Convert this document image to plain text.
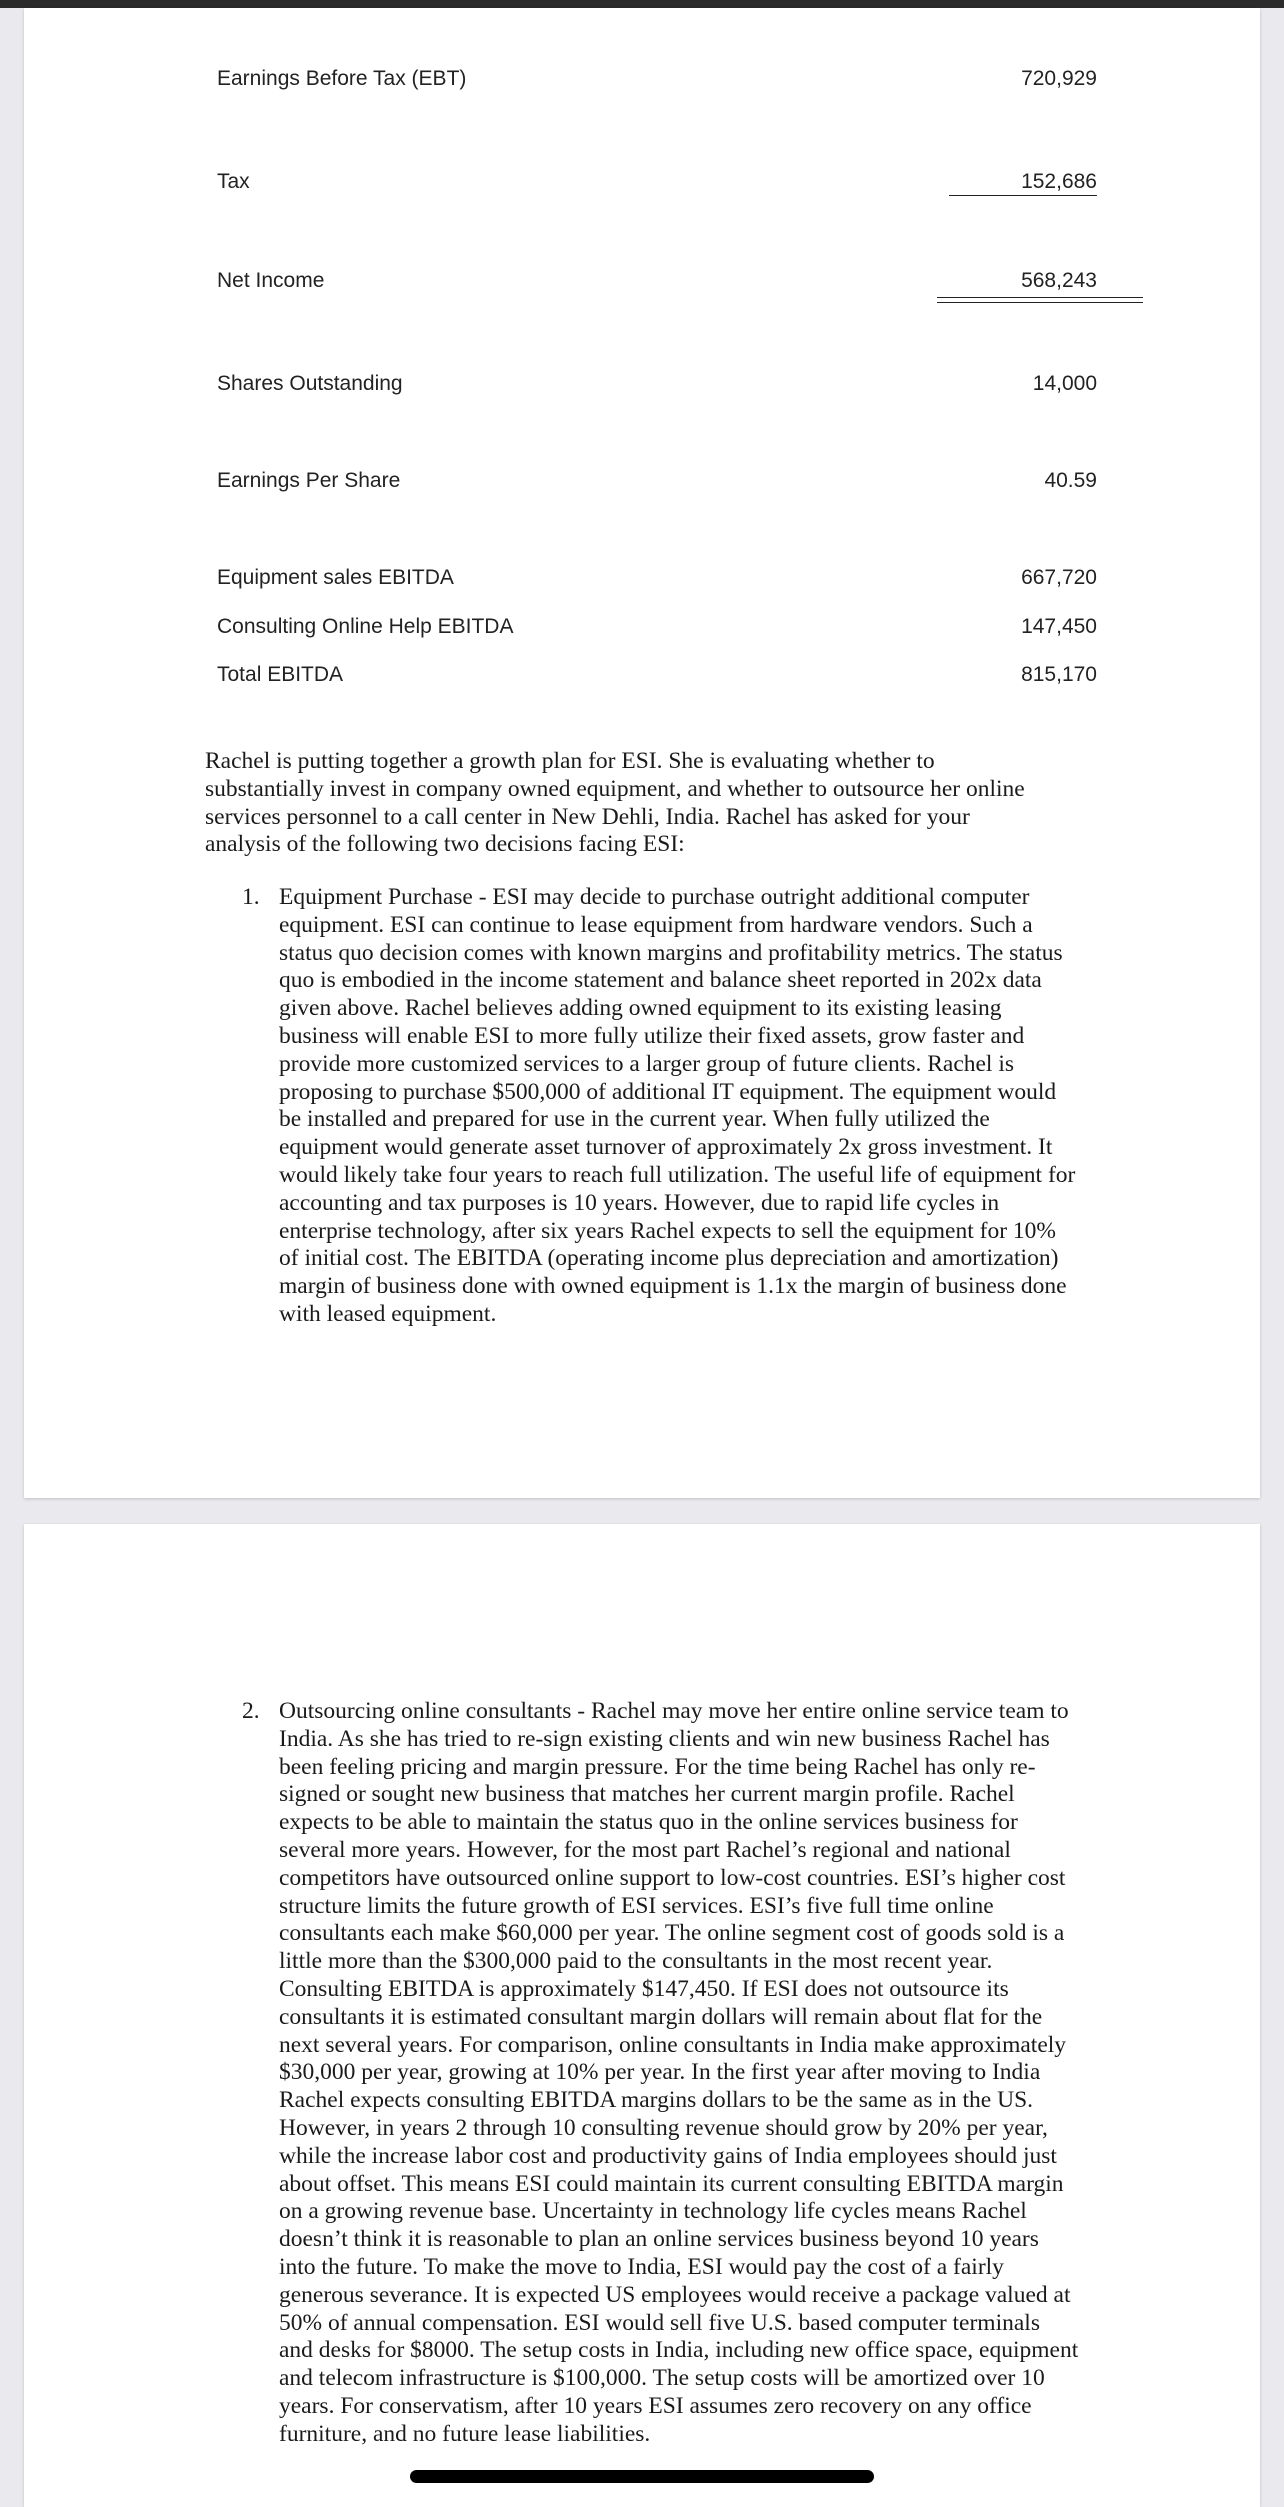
Earnings Before Tax (EBT)	720,929
Tax	152,686
Net Income	568,243
Shares Outstanding	14,000
Earnings Per Share	40.59
Equipment sales EBITDA	667,720
Consulting Online Help EBITDA	147,450
Total EBITDA	815,170

Rachel is putting together a growth plan for ESI. She is evaluating whether to substantially invest in company owned equipment, and whether to outsource her online services personnel to a call center in New Dehli, India. Rachel has asked for your analysis of the following two decisions facing ESI:

1. Equipment Purchase - ESI may decide to purchase outright additional computer equipment. ESI can continue to lease equipment from hardware vendors. Such a status quo decision comes with known margins and profitability metrics. The status quo is embodied in the income statement and balance sheet reported in 202x data given above. Rachel believes adding owned equipment to its existing leasing business will enable ESI to more fully utilize their fixed assets, grow faster and provide more customized services to a larger group of future clients. Rachel is proposing to purchase $500,000 of additional IT equipment. The equipment would be installed and prepared for use in the current year. When fully utilized the equipment would generate asset turnover of approximately 2x gross investment. It would likely take four years to reach full utilization. The useful life of equipment for accounting and tax purposes is 10 years. However, due to rapid life cycles in enterprise technology, after six years Rachel expects to sell the equipment for 10% of initial cost. The EBITDA (operating income plus depreciation and amortization) margin of business done with owned equipment is 1.1x the margin of business done with leased equipment.

2. Outsourcing online consultants - Rachel may move her entire online service team to India. As she has tried to re-sign existing clients and win new business Rachel has been feeling pricing and margin pressure. For the time being Rachel has only re-signed or sought new business that matches her current margin profile. Rachel expects to be able to maintain the status quo in the online services business for several more years. However, for the most part Rachel’s regional and national competitors have outsourced online support to low-cost countries. ESI’s higher cost structure limits the future growth of ESI services. ESI’s five full time online consultants each make $60,000 per year. The online segment cost of goods sold is a little more than the $300,000 paid to the consultants in the most recent year. Consulting EBITDA is approximately $147,450. If ESI does not outsource its consultants it is estimated consultant margin dollars will remain about flat for the next several years. For comparison, online consultants in India make approximately $30,000 per year, growing at 10% per year. In the first year after moving to India Rachel expects consulting EBITDA margins dollars to be the same as in the US. However, in years 2 through 10 consulting revenue should grow by 20% per year, while the increase labor cost and productivity gains of India employees should just about offset. This means ESI could maintain its current consulting EBITDA margin on a growing revenue base. Uncertainty in technology life cycles means Rachel doesn’t think it is reasonable to plan an online services business beyond 10 years into the future. To make the move to India, ESI would pay the cost of a fairly generous severance. It is expected US employees would receive a package valued at 50% of annual compensation. ESI would sell five U.S. based computer terminals and desks for $8000. The setup costs in India, including new office space, equipment and telecom infrastructure is $100,000. The setup costs will be amortized over 10 years. For conservatism, after 10 years ESI assumes zero recovery on any office furniture, and no future lease liabilities.
